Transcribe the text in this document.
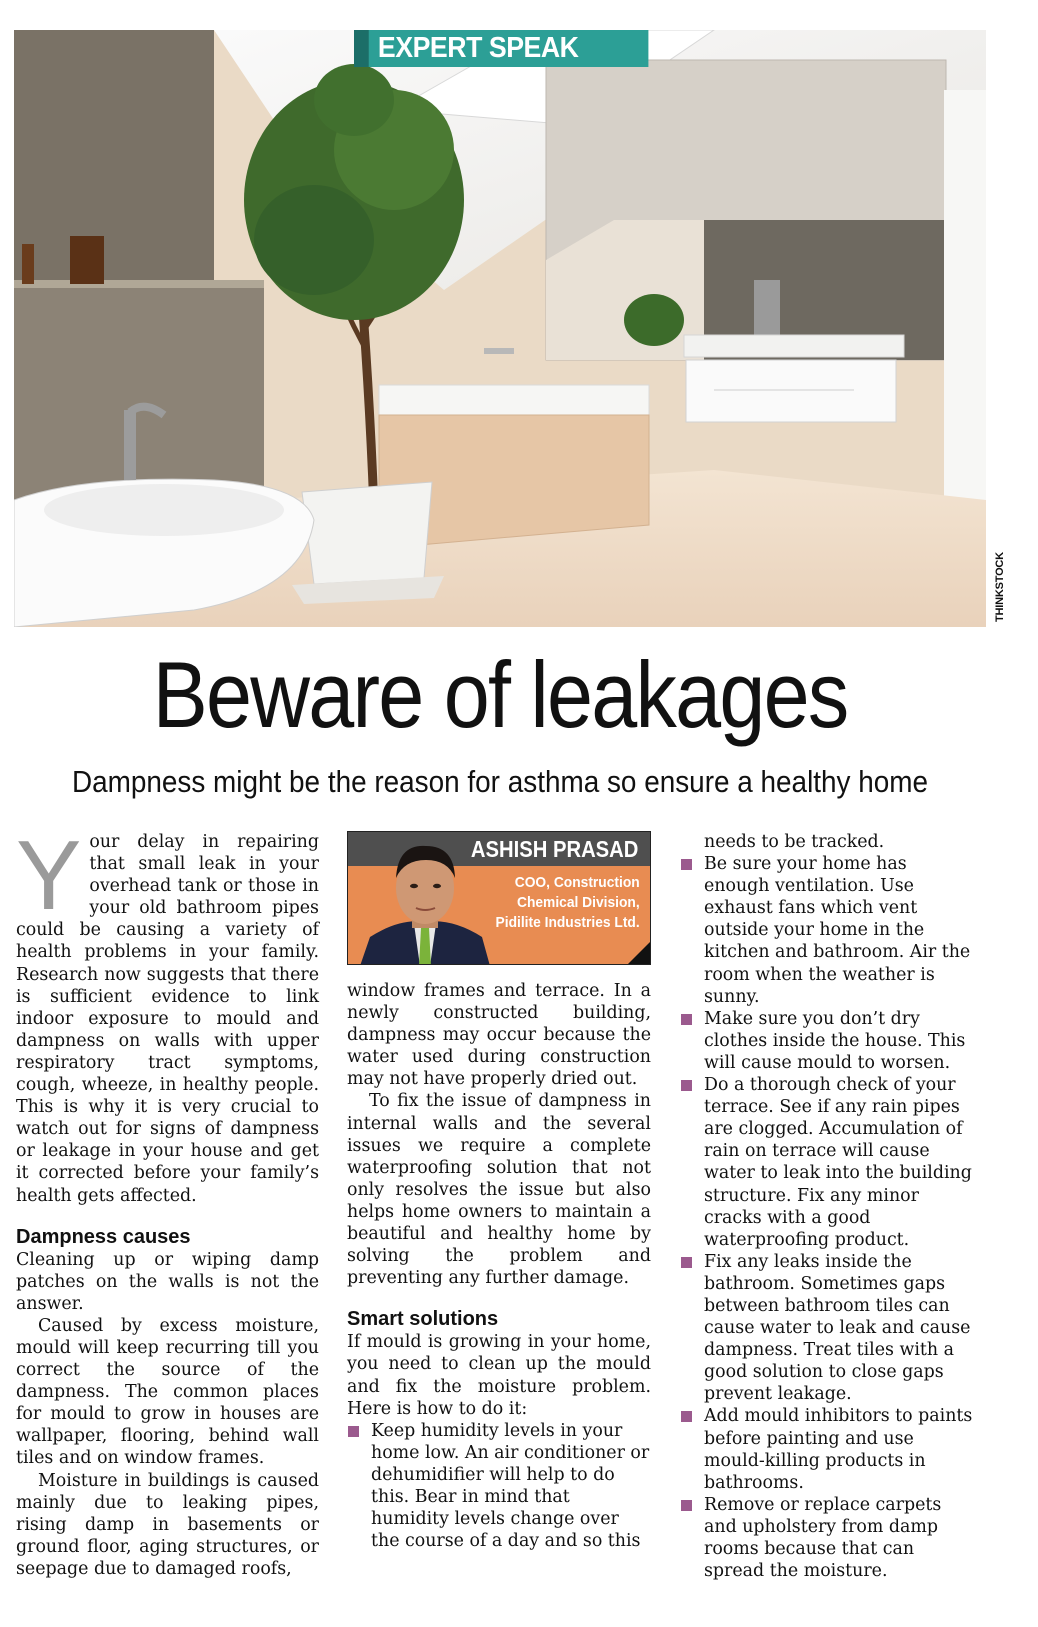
EXPERT SPEAK
THINKSTOCK
Beware of leakages

Dampness might be the reason for asthma so ensure a healthy home

Your delay in repairing that small leak in your overhead tank or those in your old bathroom pipes could be causing a variety of health problems in your family. Research now suggests that there is sufficient evidence to link indoor exposure to mould and dampness on walls with upper respiratory tract symptoms, cough, wheeze, in healthy people. This is why it is very crucial to watch out for signs of dampness or leakage in your house and get it corrected before your family’s health gets affected.

Dampness causes

Cleaning up or wiping damp patches on the walls is not the answer.

Caused by excess moisture, mould will keep recurring till you correct the source of the dampness. The common places for mould to grow in houses are wallpaper, flooring, behind wall tiles and on window frames.

Moisture in buildings is caused mainly due to leaking pipes, rising damp in basements or ground floor, aging structures, or seepage due to damaged roofs,

ASHISH PRASAD
COO, Construction
Chemical Division,
Pidilite Industries Ltd.

window frames and terrace. In a newly constructed building, dampness may occur because the water used during construction may not have properly dried out.

To fix the issue of dampness in internal walls and the several issues we require a complete waterproofing solution that not only resolves the issue but also helps home owners to maintain a beautiful and healthy home by solving the problem and preventing any further damage.

Smart solutions

If mould is growing in your home, you need to clean up the mould and fix the moisture problem. Here is how to do it:

Keep humidity levels in your home low. An air conditioner or dehumidifier will help to do this. Bear in mind that humidity levels change over the course of a day and so this

needs to be tracked.

Be sure your home has enough ventilation. Use exhaust fans which vent outside your home in the kitchen and bathroom. Air the room when the weather is sunny.
Make sure you don’t dry clothes inside the house. This will cause mould to worsen.
Do a thorough check of your terrace. See if any rain pipes are clogged. Accumulation of rain on terrace will cause water to leak into the building structure. Fix any minor cracks with a good waterproofing product.
Fix any leaks inside the bathroom. Sometimes gaps between bathroom tiles can cause water to leak and cause dampness. Treat tiles with a good solution to close gaps prevent leakage.
Add mould inhibitors to paints before painting and use mould-killing products in bathrooms.
Remove or replace carpets and upholstery from damp rooms because that can spread the moisture.
